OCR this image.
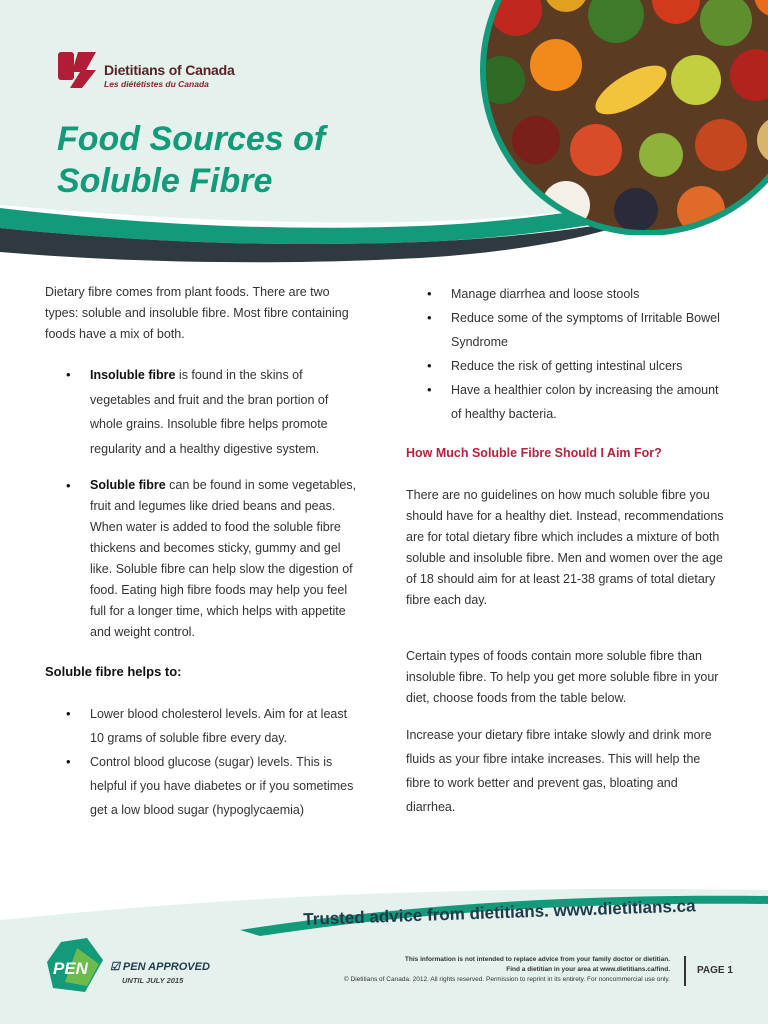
Dietitians of Canada
Les diététistes du Canada
Food Sources of
Soluble Fibre

Dietary fibre comes from plant foods. There are two types: soluble and insoluble fibre. Most fibre containing foods have a mix of both.

• Insoluble fibre is found in the skins of vegetables and fruit and the bran portion of whole grains. Insoluble fibre helps promote regularity and a healthy digestive system.
• Soluble fibre can be found in some vegetables, fruit and legumes like dried beans and peas. When water is added to food the soluble fibre thickens and becomes sticky, gummy and gel like. Soluble fibre can help slow the digestion of food. Eating high fibre foods may help you feel full for a longer time, which helps with appetite and weight control.

Soluble fibre helps to:

• Lower blood cholesterol levels. Aim for at least 10 grams of soluble fibre every day.
• Control blood glucose (sugar) levels. This is helpful if you have diabetes or if you sometimes get a low blood sugar (hypoglycaemia)
• Manage diarrhea and loose stools
• Reduce some of the symptoms of Irritable Bowel Syndrome
• Reduce the risk of getting intestinal ulcers
• Have a healthier colon by increasing the amount of healthy bacteria.

How Much Soluble Fibre Should I Aim For?

There are no guidelines on how much soluble fibre you should have for a healthy diet. Instead, recommendations are for total dietary fibre which includes a mixture of both soluble and insoluble fibre. Men and women over the age of 18 should aim for at least 21-38 grams of total dietary fibre each day.

Certain types of foods contain more soluble fibre than insoluble fibre. To help you get more soluble fibre in your diet, choose foods from the table below.

Increase your dietary fibre intake slowly and drink more fluids as your fibre intake increases. This will help the fibre to work better and prevent gas, bloating and diarrhea.

Trusted advice from dietitians. www.dietitians.ca
PEN ☑ PEN APPROVED
UNTIL JULY 2015
This information is not intended to replace advice from your family doctor or dietitian.
Find a dietitian in your area at www.dietitians.ca/find.
© Dietitians of Canada. 2012. All rights reserved. Permission to reprint in its entirety. For noncommercial use only.
PAGE 1
